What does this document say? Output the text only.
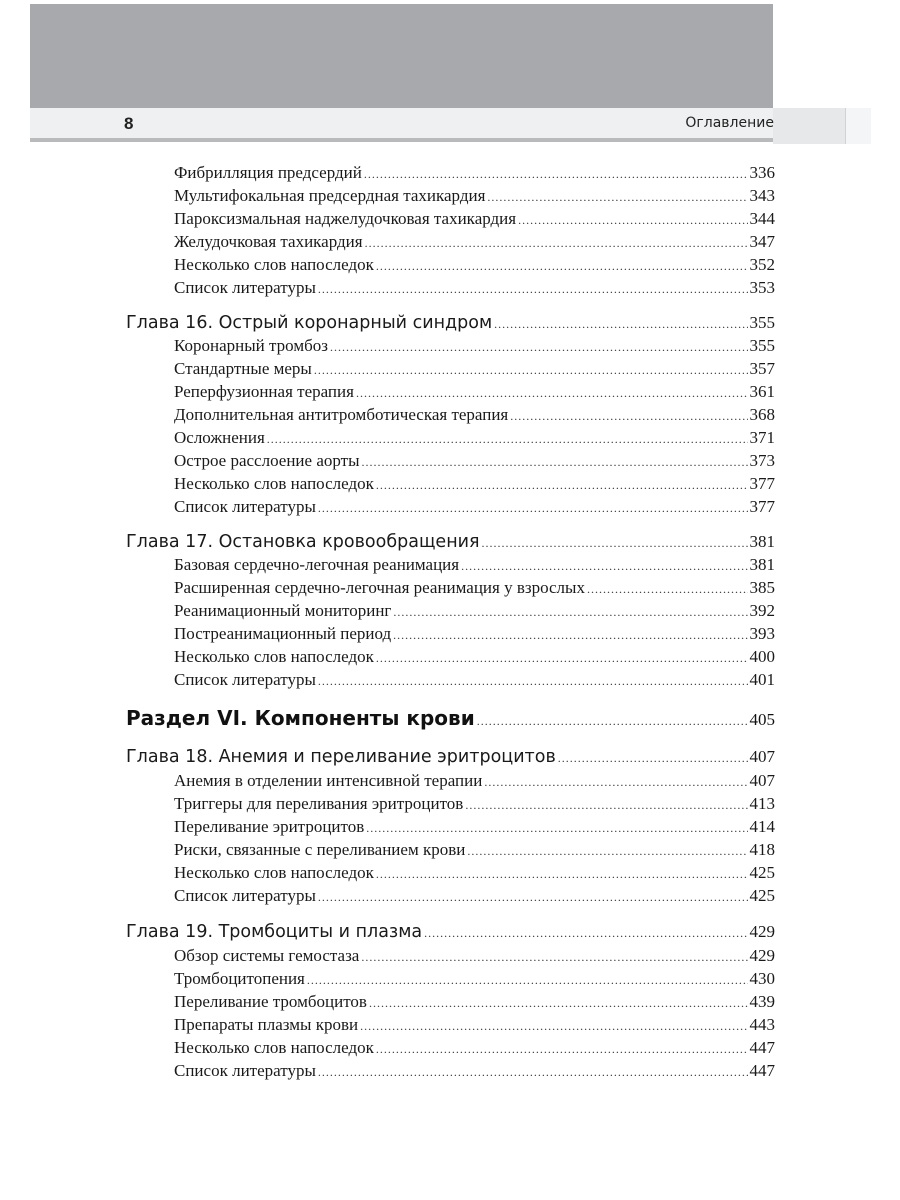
8	Оглавление
Фибрилляция предсердий .....	336
Мультифокальная предсердная тахикардия .....	343
Пароксизмальная наджелудочковая тахикардия .....	344
Желудочковая тахикардия .....	347
Несколько слов напоследок .....	352
Список литературы .....	353
Глава 16. Острый коронарный синдром .....	355
Коронарный тромбоз .....	355
Стандартные меры .....	357
Реперфузионная терапия .....	361
Дополнительная антитромботическая терапия .....	368
Осложнения .....	371
Острое расслоение аорты .....	373
Несколько слов напоследок .....	377
Список литературы .....	377
Глава 17. Остановка кровообращения .....	381
Базовая сердечно-легочная реанимация .....	381
Расширенная сердечно-легочная реанимация у взрослых .....	385
Реанимационный мониторинг .....	392
Постреанимационный период .....	393
Несколько слов напоследок .....	400
Список литературы .....	401
Раздел VI. Компоненты крови .....	405
Глава 18. Анемия и переливание эритроцитов .....	407
Анемия в отделении интенсивной терапии .....	407
Триггеры для переливания эритроцитов .....	413
Переливание эритроцитов .....	414
Риски, связанные с переливанием крови .....	418
Несколько слов напоследок .....	425
Список литературы .....	425
Глава 19. Тромбоциты и плазма .....	429
Обзор системы гемостаза .....	429
Тромбоцитопения .....	430
Переливание тромбоцитов .....	439
Препараты плазмы крови .....	443
Несколько слов напоследок .....	447
Список литературы .....	447
